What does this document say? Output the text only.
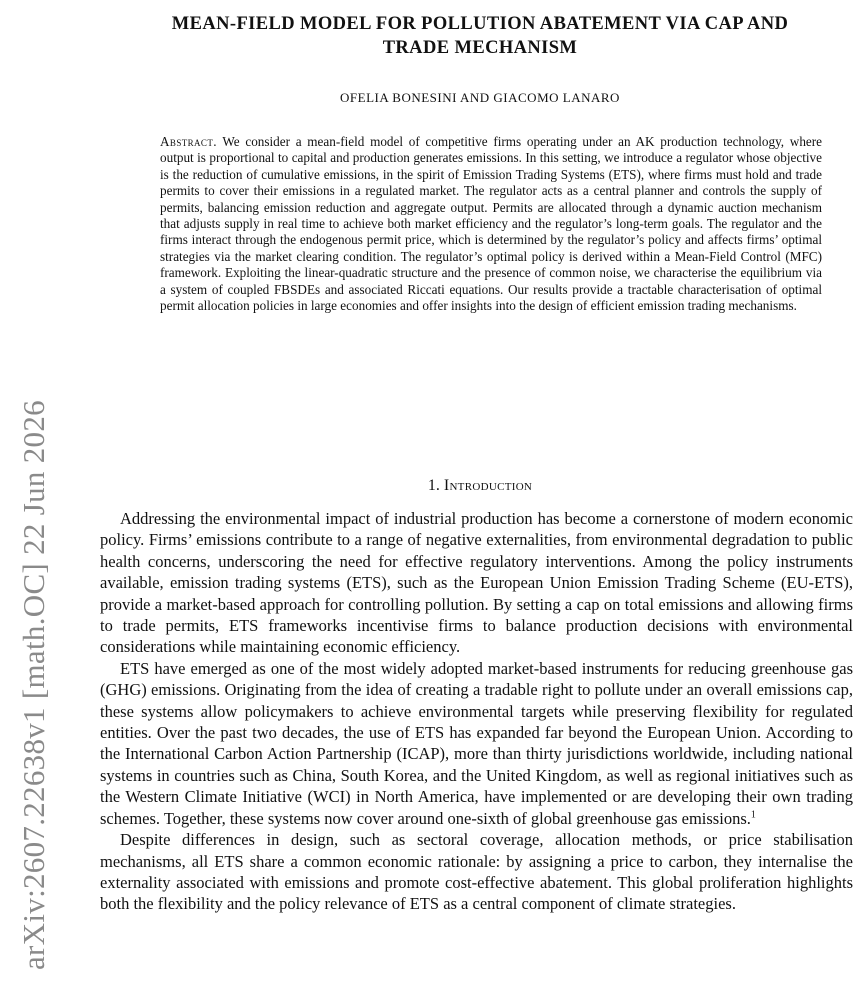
arXiv:2607.22638v1 [math.OC] 22 Jun 2026
MEAN-FIELD MODEL FOR POLLUTION ABATEMENT VIA CAP AND
TRADE MECHANISM
OFELIA BONESINI AND GIACOMO LANARO
Abstract. We consider a mean-field model of competitive firms operating under an AK production technology, where output is proportional to capital and production generates emissions. In this setting, we introduce a regulator whose objective is the reduction of cumulative emissions, in the spirit of Emission Trading Systems (ETS), where firms must hold and trade permits to cover their emissions in a regulated market. The regulator acts as a central planner and controls the supply of permits, balancing emission reduction and aggregate output. Permits are allocated through a dynamic auction mechanism that adjusts supply in real time to achieve both market efficiency and the regulator’s long-term goals. The regulator and the firms interact through the endogenous permit price, which is determined by the regulator’s policy and affects firms’ optimal strategies via the market clearing condition. The regulator’s optimal policy is derived within a Mean-Field Control (MFC) framework. Exploiting the linear-quadratic structure and the presence of common noise, we characterise the equilibrium via a system of coupled FBSDEs and associated Riccati equations. Our results provide a tractable characterisation of optimal permit allocation policies in large economies and offer insights into the design of efficient emission trading mechanisms.
1. Introduction

Addressing the environmental impact of industrial production has become a cornerstone of modern economic policy. Firms’ emissions contribute to a range of negative externalities, from environmental degradation to public health concerns, underscoring the need for effective regulatory interventions. Among the policy instruments available, emission trading systems (ETS), such as the European Union Emission Trading Scheme (EU-ETS), provide a market-based approach for controlling pollution. By setting a cap on total emissions and allowing firms to trade permits, ETS frameworks incentivise firms to balance production decisions with environmental considerations while maintaining economic efficiency.

ETS have emerged as one of the most widely adopted market-based instruments for reducing greenhouse gas (GHG) emissions. Originating from the idea of creating a tradable right to pollute under an overall emissions cap, these systems allow policymakers to achieve environmental targets while preserving flexibility for regulated entities. Over the past two decades, the use of ETS has expanded far beyond the European Union. According to the International Carbon Action Partnership (ICAP), more than thirty jurisdictions worldwide, including national systems in countries such as China, South Korea, and the United Kingdom, as well as regional initiatives such as the Western Climate Initiative (WCI) in North America, have implemented or are developing their own trading schemes. Together, these systems now cover around one-sixth of global greenhouse gas emissions.$^1$

Despite differences in design, such as sectoral coverage, allocation methods, or price stabilisation mechanisms, all ETS share a common economic rationale: by assigning a price to carbon, they internalise the externality associated with emissions and promote cost-effective abatement. This global proliferation highlights both the flexibility and the policy relevance of ETS as a central component of climate strategies.
